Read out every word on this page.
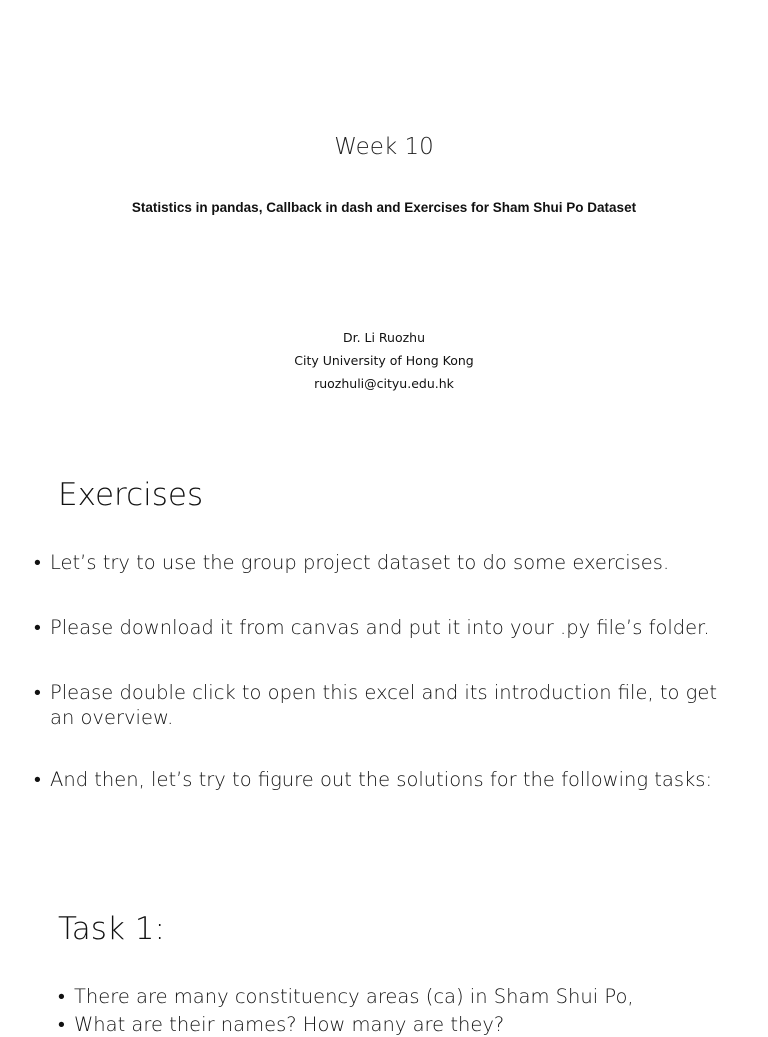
Week 10
Statistics in pandas, Callback in dash and Exercises for Sham Shui Po Dataset
Dr. Li Ruozhu
City University of Hong Kong
ruozhuli@cityu.edu.hk
Exercises
• Let’s try to use the group project dataset to do some exercises.
• Please download it from canvas and put it into your .py file’s folder.
• Please double click to open this excel and its introduction file, to get an overview.
• And then, let’s try to figure out the solutions for the following tasks:
Task 1:
• There are many constituency areas (ca) in Sham Shui Po,
• What are their names? How many are they?
